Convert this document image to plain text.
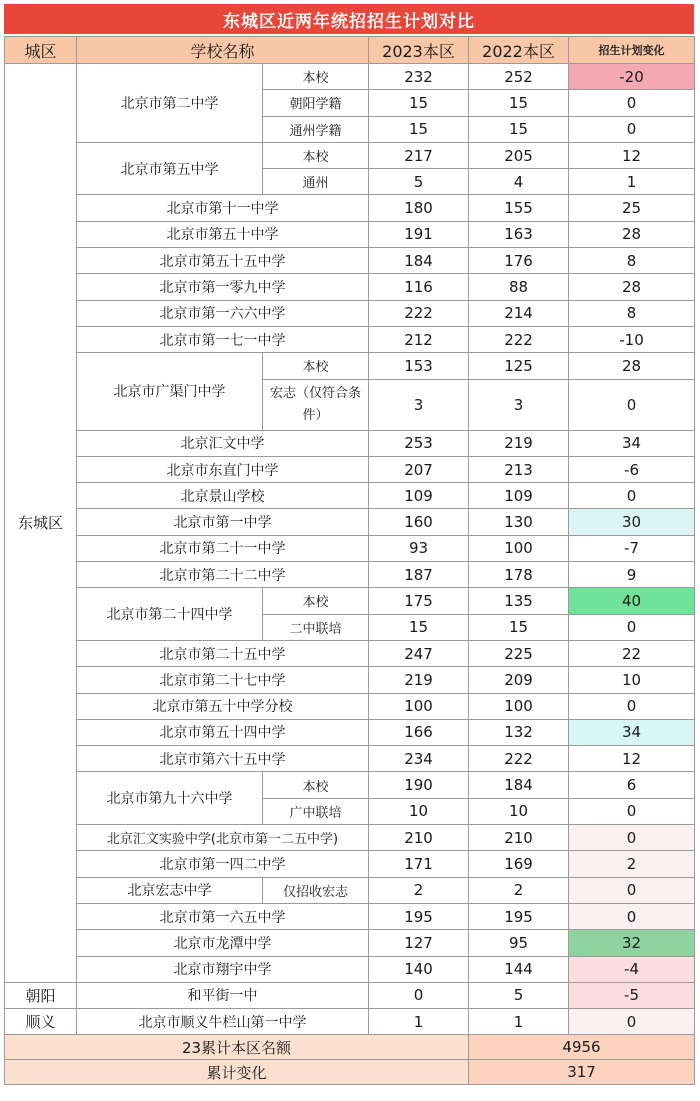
东城区近两年统招招生计划对比
城区	学校名称		2023本区	2022本区	招生计划变化
东城区	北京市第二中学	本校	232	252	-20
		朝阳学籍	15	15	0
		通州学籍	15	15	0
	北京市第五中学	本校	217	205	12
		通州	5	4	1
	北京市第十一中学		180	155	25
	北京市第五十中学		191	163	28
	北京市第五十五中学		184	176	8
	北京市第一零九中学		116	88	28
	北京市第一六六中学		222	214	8
	北京市第一七一中学		212	222	-10
	北京市广渠门中学	本校	153	125	28
		宏志（仅符合条件）	3	3	0
	北京汇文中学		253	219	34
	北京市东直门中学		207	213	-6
	北京景山学校		109	109	0
	北京市第一中学		160	130	30
	北京市第二十一中学		93	100	-7
	北京市第二十二中学		187	178	9
	北京市第二十四中学	本校	175	135	40
		二中联培	15	15	0
	北京市第二十五中学		247	225	22
	北京市第二十七中学		219	209	10
	北京市第五十中学分校		100	100	0
	北京市第五十四中学		166	132	34
	北京市第六十五中学		234	222	12
	北京市第九十六中学	本校	190	184	6
		广中联培	10	10	0
	北京汇文实验中学(北京市第一二五中学)		210	210	0
	北京市第一四二中学		171	169	2
	北京宏志中学	仅招收宏志	2	2	0
	北京市第一六五中学		195	195	0
	北京市龙潭中学		127	95	32
	北京市翔宇中学		140	144	-4
朝阳	和平街一中		0	5	-5
顺义	北京市顺义牛栏山第一中学		1	1	0
23累计本区名额				4956	
累计变化				317	
